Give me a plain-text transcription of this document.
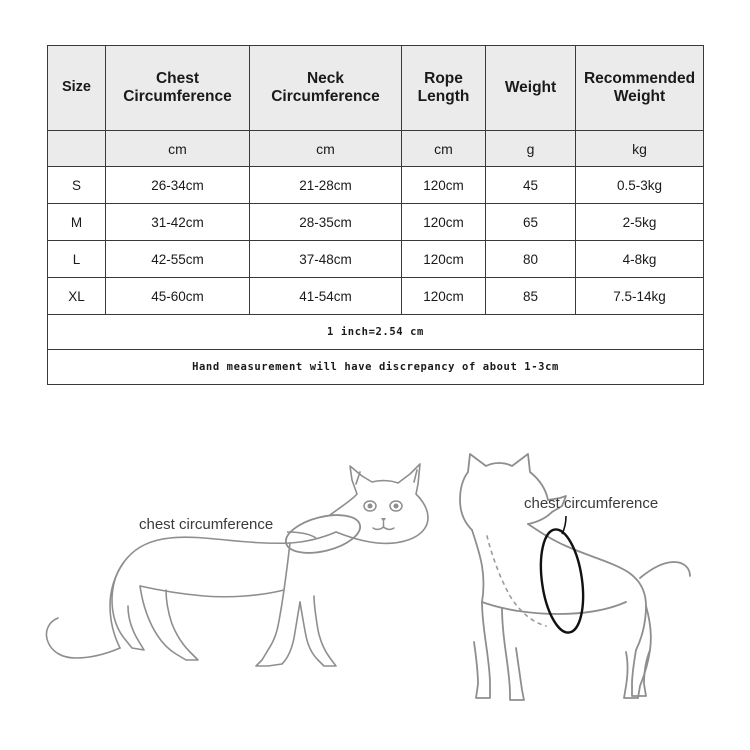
Size	Chest Circumference	Neck Circumference	Rope Length	Weight	Recommended Weight
	cm	cm	cm	g	kg
S	26-34cm	21-28cm	120cm	45	0.5-3kg
M	31-42cm	28-35cm	120cm	65	2-5kg
L	42-55cm	37-48cm	120cm	80	4-8kg
XL	45-60cm	41-54cm	120cm	85	7.5-14kg
1 inch=2.54 cm					
Hand measurement will have discrepancy of about 1-3cm					
chest circumference
chest circumference
